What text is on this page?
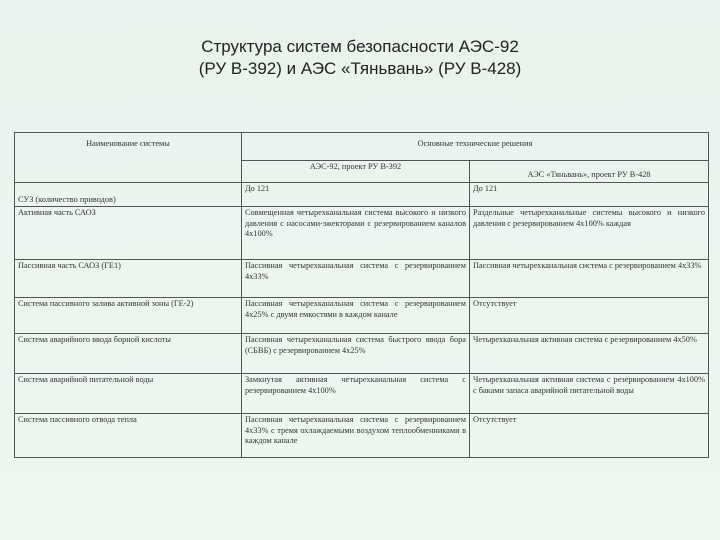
Структура систем безопасности АЭС-92
(РУ В-392) и АЭС «Тяньвань» (РУ В-428)
Наименование системы	Основные технические решения	
	АЭС-92, проект РУ В-392	АЭС «Тяньвань», проект РУ В-428
СУЗ (количество приводов)	До 121	До 121
Активная часть САОЗ	Совмещенная четырехканальная система высокого и низкого давления с насосами-эжекторами с резервированием каналов 4х100%	Раздельные четырехканальные системы высокого и низкого давления с резервированием 4х100% каждая
Пассивная часть САОЗ (ГЕ1)	Пассивная четырехканальная система с резервированием 4х33%	Пассивная четырехканальная система с резервированием 4х33%
Система пассивного залива активной зоны (ГЕ-2)	Пассивная четырехканальная система с резервированием 4х25% с двумя емкостями в каждом канале	Отсутствует
Система аварийного ввода борной кислоты	Пассивная четырехканальная система быстрого ввода бора (СБВБ) с резервированием 4х25%	Четырехканальная активная система с резервированием 4х50%
Система аварийной питательной воды	Замкнутая активная четырехканальная система с резервированием 4х100%	Четырехканальная активная система с резервированием 4х100% с баками запаса аварийной питательной воды
Система пассивного отвода тепла	Пассивная четырехканальная система с резервированием 4х33% с тремя охлаждаемыми воздухом теплообменниками в каждом канале	Отсутствует
